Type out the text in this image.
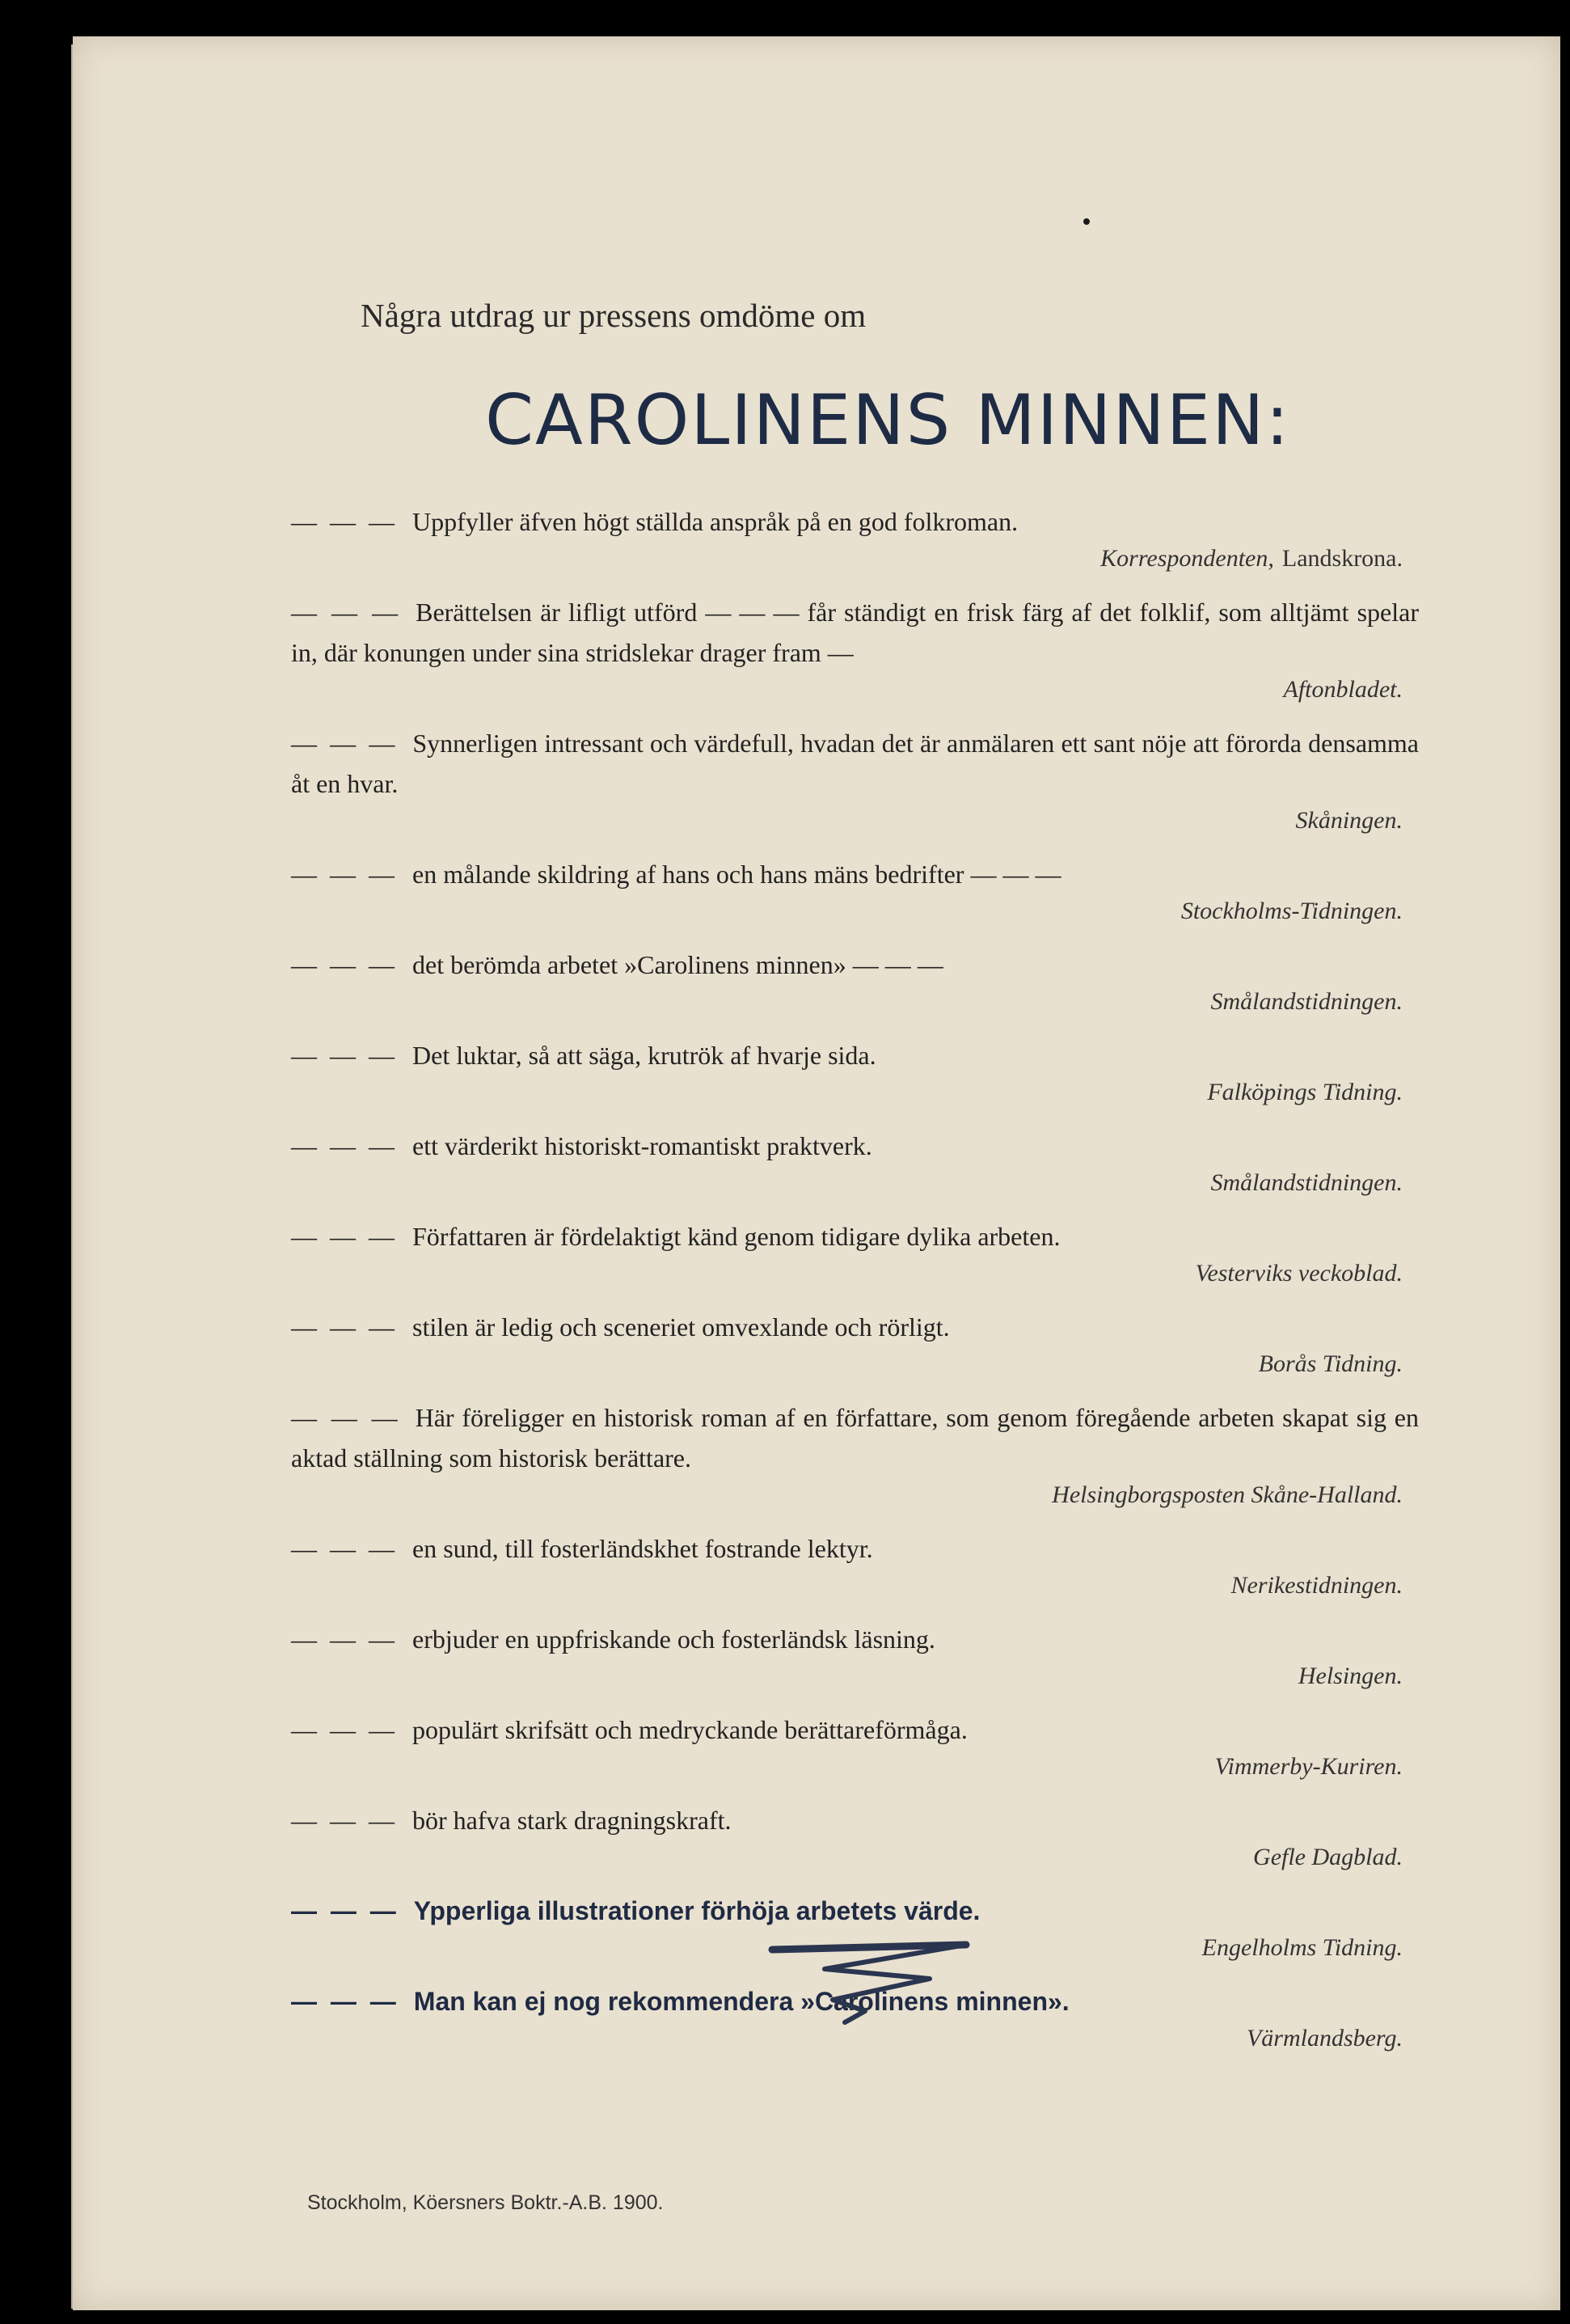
Några utdrag ur pressens omdöme om
CAROLINENS MINNEN:
— — — Uppfyller äfven högt ställda anspråk på en god folkroman.
Korrespondenten, Landskrona.
— — — Berättelsen är lifligt utförd — — — får ständigt en frisk färg af det folklif, som alltjämt spelar in, där konungen under sina stridslekar drager fram —
Aftonbladet.
— — — Synnerligen intressant och värdefull, hvadan det är anmälaren ett sant nöje att förorda densamma åt en hvar.
Skåningen.
— — — en målande skildring af hans och hans mäns bedrifter — — —
Stockholms-Tidningen.
— — — det berömda arbetet »Carolinens minnen» — — —
Smålandstidningen.
— — — Det luktar, så att säga, krutrök af hvarje sida.
Falköpings Tidning.
— — — ett värderikt historiskt-romantiskt praktverk.
Smålandstidningen.
— — — Författaren är fördelaktigt känd genom tidigare dylika arbeten.
Vesterviks veckoblad.
— — — stilen är ledig och sceneriet omvexlande och rörligt.
Borås Tidning.
— — — Här föreligger en historisk roman af en författare, som genom föregående arbeten skapat sig en aktad ställning som historisk berättare.
Helsingborgsposten Skåne-Halland.
— — — en sund, till fosterländskhet fostrande lektyr.
Nerikestidningen.
— — — erbjuder en uppfriskande och fosterländsk läsning.
Helsingen.
— — — populärt skrifsätt och medryckande berättareförmåga.
Vimmerby-Kuriren.
— — — bör hafva stark dragningskraft.
Gefle Dagblad.
— — — Ypperliga illustrationer förhöja arbetets värde.
Engelholms Tidning.
— — — Man kan ej nog rekommendera »Carolinens minnen».
Värmlandsberg.
Stockholm, Köersners Boktr.-A.B. 1900.
